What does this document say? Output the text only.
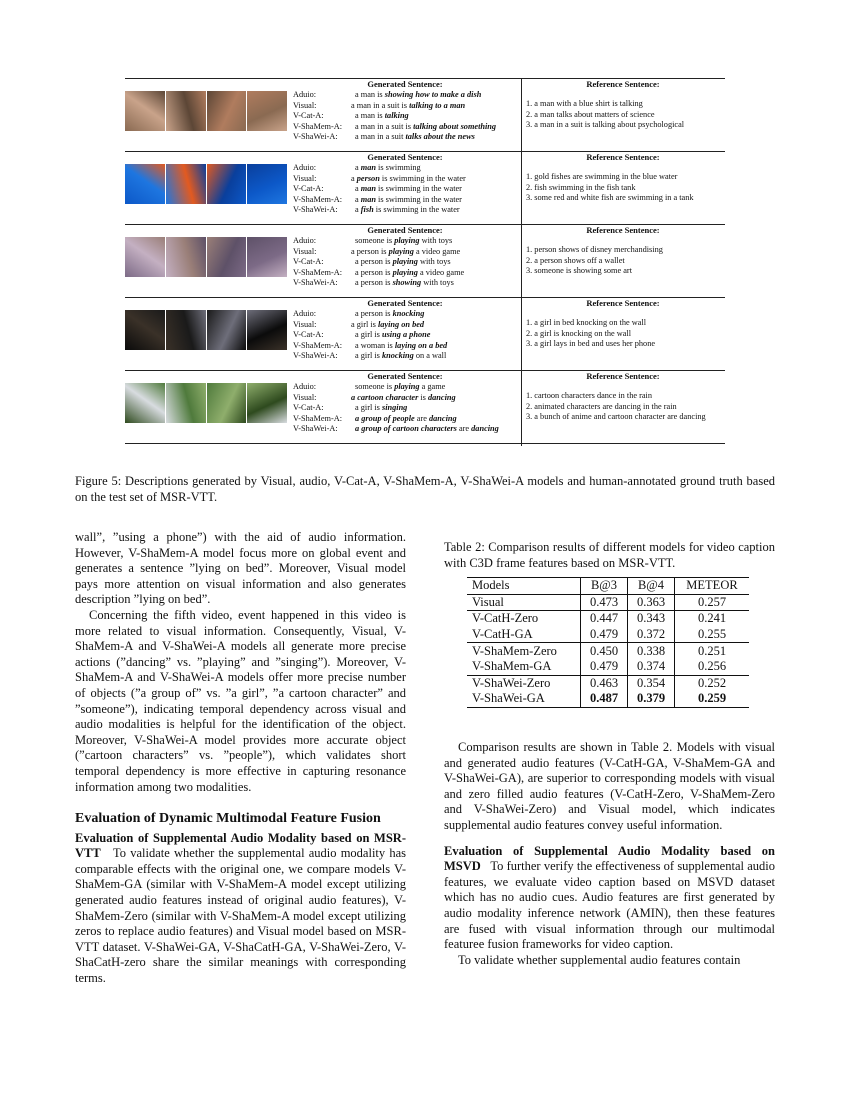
Generated Sentence:	Reference Sentence:
Aduio:	a man is showing how to make a dish
Visual:	a man in a suit is talking to a man
V-Cat-A:	a man is talking
V-ShaMem-A: a man in a suit is talking about something
V-ShaWei-A: a man in a suit talks about the news
1. a man with a blue shirt is talking
2. a man talks about matters of science
3. a man in a suit is talking about psychological
Generated Sentence:	Reference Sentence:
Aduio:	a man is swimming
Visual:	a person is swimming in the water
V-Cat-A:	a man is swimming in the water
V-ShaMem-A: a man is swimming in the water
V-ShaWei-A: a fish is swimming in the water
1. gold fishes are swimming in the blue water
2. fish swimming in the fish tank
3. some red and white fish are swimming in a tank
Generated Sentence:	Reference Sentence:
Aduio:	someone is playing with toys
Visual:	a person is playing a video game
V-Cat-A:	a person is playing with toys
V-ShaMem-A: a person is playing a video game
V-ShaWei-A: a person is showing with toys
1. person shows of disney merchandising
2. a person shows off a wallet
3. someone is showing some art
Generated Sentence:	Reference Sentence:
Aduio:	a person is knocking
Visual:	a girl is laying on bed
V-Cat-A:	a girl is using a phone
V-ShaMem-A: a woman is laying on a bed
V-ShaWei-A: a girl is knocking on a wall
1. a girl in bed knocking on the wall
2. a girl is knocking on the wall
3. a girl lays in bed and uses her phone
Generated Sentence:	Reference Sentence:
Aduio:	someone is playing a game
Visual:	a cartoon character is dancing
V-Cat-A:	a girl is singing
V-ShaMem-A: a group of people are dancing
V-ShaWei-A: a group of cartoon characters are dancing
1. cartoon characters dance in the rain
2. animated characters are dancing in the rain
3. a bunch of anime and cartoon character are dancing
Figure 5: Descriptions generated by Visual, audio, V-Cat-A, V-ShaMem-A, V-ShaWei-A models and human-annotated ground truth based on the test set of MSR-VTT.

wall”, ”using a phone”) with the aid of audio information. However, V-ShaMem-A model focus more on global event and generates a sentence ”lying on bed”. Moreover, Visual model pays more attention on visual information and also generates description ”lying on bed”.

Concerning the fifth video, event happened in this video is more related to visual information. Consequently, Visual, V-ShaMem-A and V-ShaWei-A models all generate more precise actions (”dancing” vs. ”playing” and ”singing”). Moreover, V-ShaMem-A and V-ShaWei-A models offer more precise number of objects (”a group of” vs. ”a girl”, ”a cartoon character” and ”someone”), indicating temporal dependency across visual and audio modalities is helpful for the identification of the object. Moreover, V-ShaWei-A model provides more accurate object (”cartoon characters” vs. ”people”), which validates short temporal dependency is more effective in capturing resonance information among two modalities.

Evaluation of Dynamic Multimodal Feature Fusion

Evaluation of Supplemental Audio Modality based on MSR-VTT To validate whether the supplemental audio modality has comparable effects with the original one, we compare models V-ShaMem-GA (similar with V-ShaMem-A model except utilizing generated audio features instead of original audio features), V-ShaMem-Zero (similar with V-ShaMem-A model except utilizing zeros to replace audio features) and Visual model based on MSR-VTT dataset. V-ShaWei-GA, V-ShaCatH-GA, V-ShaWei-Zero, V-ShaCatH-zero share the similar meanings with corresponding terms.

Table 2: Comparison results of different models for video caption with C3D frame features based on MSR-VTT.
Models	B@3	B@4	METEOR
Visual	0.473	0.363	0.257
V-CatH-Zero	0.447	0.343	0.241
V-CatH-GA	0.479	0.372	0.255
V-ShaMem-Zero	0.450	0.338	0.251
V-ShaMem-GA	0.479	0.374	0.256
V-ShaWei-Zero	0.463	0.354	0.252
V-ShaWei-GA	0.487	0.379	0.259

Comparison results are shown in Table 2. Models with visual and generated audio features (V-CatH-GA, V-ShaMem-GA and V-ShaWei-GA), are superior to corresponding models with visual and zero filled audio features (V-CatH-Zero, V-ShaMem-Zero and V-ShaWei-Zero) and Visual model, which indicates supplemental audio features convey useful information.

Evaluation of Supplemental Audio Modality based on MSVD To further verify the effectiveness of supplemental audio features, we evaluate video caption based on MSVD dataset which has no audio cues. Audio features are first generated by audio modality inference network (AMIN), then these features are fused with visual information through our multimodal featuree fusion frameworks for video caption.

To validate whether supplemental audio features contain
